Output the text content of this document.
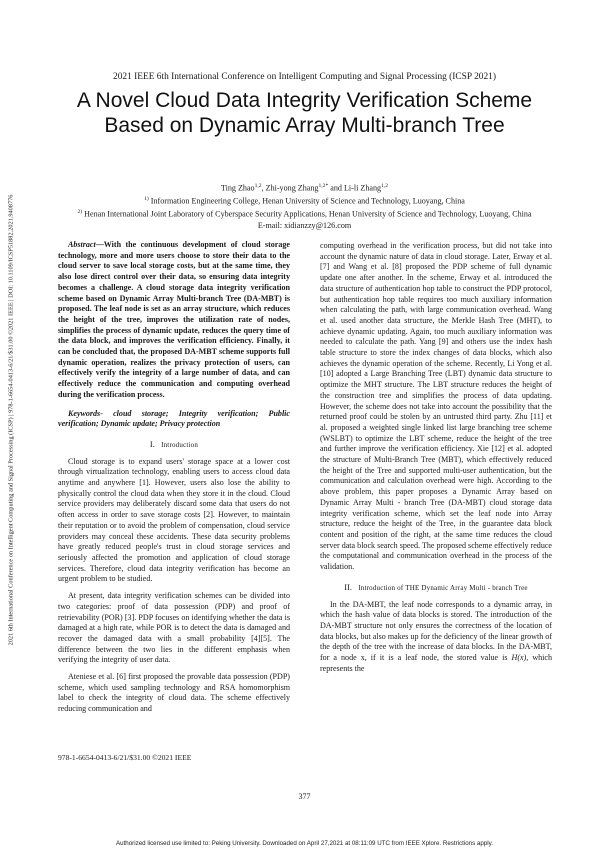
2021 6th International Conference on Intelligent Computing and Signal Processing (ICSP) | 978-1-6654-0413-6/21/$31.00 ©2021 IEEE | DOI: 10.1109/ICSP51882.2021.9408776
2021 IEEE 6th International Conference on Intelligent Computing and Signal Processing (ICSP 2021)
A Novel Cloud Data Integrity Verification Scheme
Based on Dynamic Array Multi-branch Tree
Ting Zhao$^{1,2}$, Zhi-yong Zhang$^{1,2*}$ and Li-li Zhang$^{1,2}$
$^{1)}$ Information Engineering College, Henan University of Science and Technology, Luoyang, China
$^{2)}$ Henan International Joint Laboratory of Cyberspace Security Applications, Henan University of Science and Technology, Luoyang, China
E-mail: xidianzzy@126.com

Abstract—With the continuous development of cloud storage technology, more and more users choose to store their data to the cloud server to save local storage costs, but at the same time, they also lose direct control over their data, so ensuring data integrity becomes a challenge. A cloud storage data integrity verification scheme based on Dynamic Array Multi-branch Tree (DA-MBT) is proposed. The leaf node is set as an array structure, which reduces the height of the tree, improves the utilization rate of nodes, simplifies the process of dynamic update, reduces the query time of the data block, and improves the verification efficiency. Finally, it can be concluded that, the proposed DA-MBT scheme supports full dynamic operation, realizes the privacy protection of users, can effectively verify the integrity of a large number of data, and can effectively reduce the communication and computing overhead during the verification process.

Keywords- cloud storage; Integrity verification; Public verification; Dynamic update; Privacy protection

I. Introduction

Cloud storage is to expand users' storage space at a lower cost through virtualization technology, enabling users to access cloud data anytime and anywhere [1]. However, users also lose the ability to physically control the cloud data when they store it in the cloud. Cloud service providers may deliberately discard some data that users do not often access in order to save storage costs [2]. However, to maintain their reputation or to avoid the problem of compensation, cloud service providers may conceal these accidents. These data security problems have greatly reduced people's trust in cloud storage services and seriously affected the promotion and application of cloud storage services. Therefore, cloud data integrity verification has become an urgent problem to be studied.

At present, data integrity verification schemes can be divided into two categories: proof of data possession (PDP) and proof of retrievability (POR) [3]. PDP focuses on identifying whether the data is damaged at a high rate, while POR is to detect the data is damaged and recover the damaged data with a small probability [4][5]. The difference between the two lies in the different emphasis when verifying the integrity of user data.

Ateniese et al. [6] first proposed the provable data possession (PDP) scheme, which used sampling technology and RSA homomorphism label to check the integrity of cloud data. The scheme effectively reducing communication and

computing overhead in the verification process, but did not take into account the dynamic nature of data in cloud storage. Later, Erway et al. [7] and Wang et al. [8] proposed the PDP scheme of full dynamic update one after another. In the scheme, Erway et al. introduced the data structure of authentication hop table to construct the PDP protocol, but authentication hop table requires too much auxiliary information when calculating the path, with large communication overhead. Wang et al. used another data structure, the Merkle Hash Tree (MHT), to achieve dynamic updating. Again, too much auxiliary information was needed to calculate the path. Yang [9] and others use the index hash table structure to store the index changes of data blocks, which also achieves the dynamic operation of the scheme. Recently, Li Yong et al. [10] adopted a Large Branching Tree (LBT) dynamic data structure to optimize the MHT structure. The LBT structure reduces the height of the construction tree and simplifies the process of data updating. However, the scheme does not take into account the possibility that the returned proof could be stolen by an untrusted third party. Zhu [11] et al. proposed a weighted single linked list large branching tree scheme (WSLBT) to optimize the LBT scheme, reduce the height of the tree and further improve the verification efficiency. Xie [12] et al. adopted the structure of Multi-Branch Tree (MBT), which effectively reduced the height of the Tree and supported multi-user authentication, but the communication and calculation overhead were high. According to the above problem, this paper proposes a Dynamic Array based on Dynamic Array Multi - branch Tree (DA-MBT) cloud storage data integrity verification scheme, which set the leaf node into Array structure, reduce the height of the Tree, in the guarantee data block content and position of the right, at the same time reduces the cloud server data block search speed. The proposed scheme effectively reduce the computational and communication overhead in the process of the validation.

II. Introduction of THE Dynamic Array Multi - branch Tree

In the DA-MBT, the leaf node corresponds to a dynamic array, in which the hash value of data blocks is stored. The introduction of the DA-MBT structure not only ensures the correctness of the location of data blocks, but also makes up for the deficiency of the linear growth of the depth of the tree with the increase of data blocks. In the DA-MBT, for a node x, if it is a leaf node, the stored value is H(x), which represents the

978-1-6654-0413-6/21/$31.00 ©2021 IEEE
377
Authorized licensed use limited to: Peking University. Downloaded on April 27,2021 at 08:11:09 UTC from IEEE Xplore. Restrictions apply.
